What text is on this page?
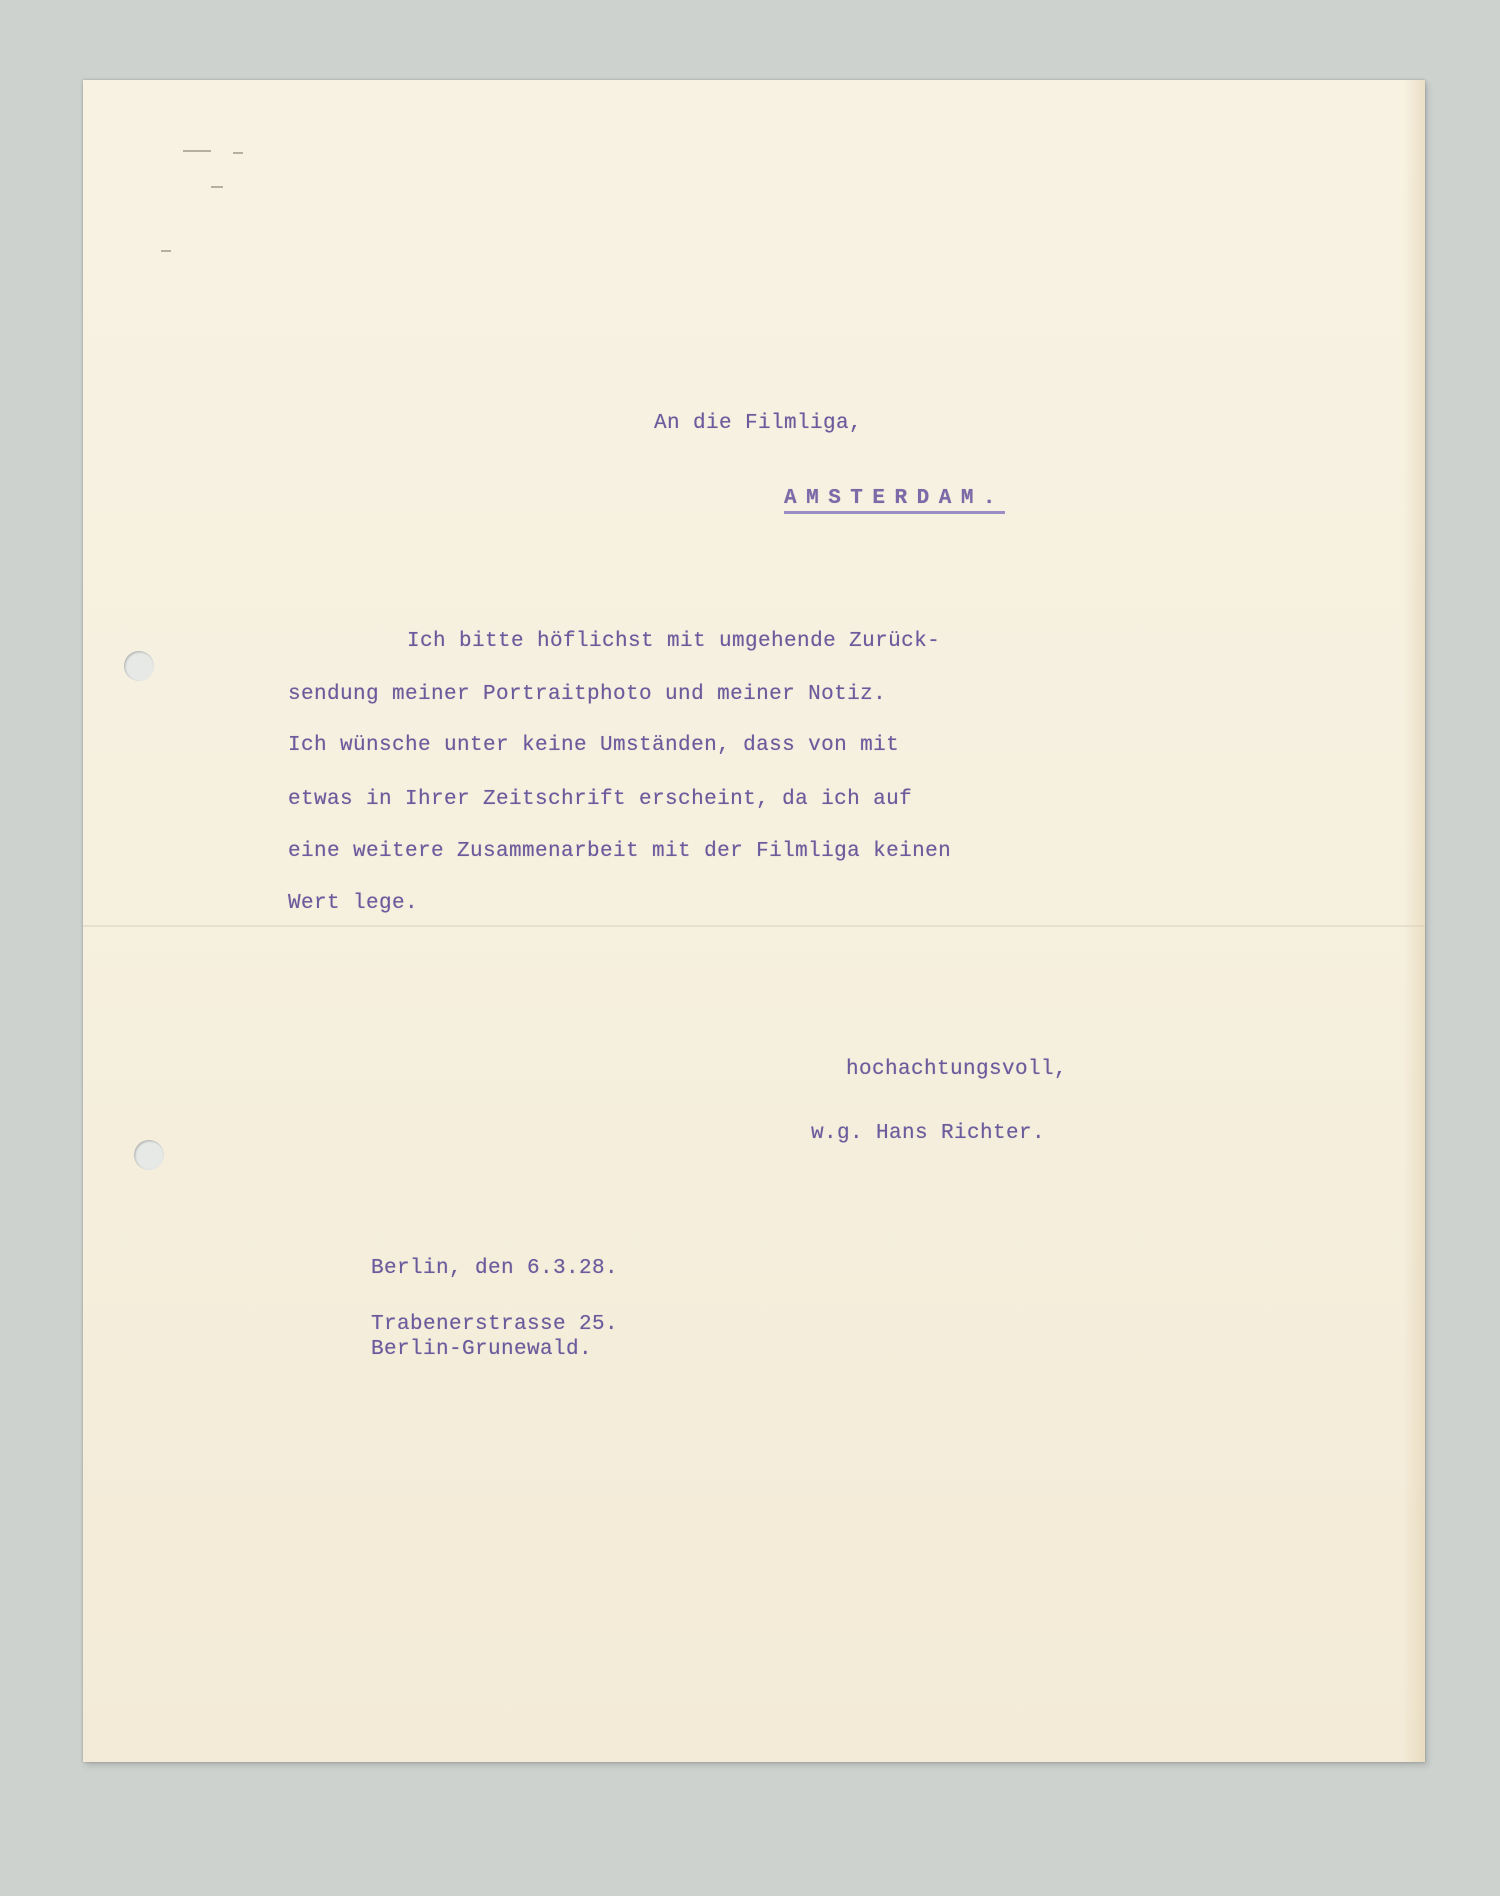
An die Filmliga,
AMSTERDAM.
Ich bitte höflichst mit umgehende Zurück-
sendung meiner Portraitphoto und meiner Notiz.
Ich wünsche unter keine Umständen, dass von mit
etwas in Ihrer Zeitschrift erscheint, da ich auf
eine weitere Zusammenarbeit mit der Filmliga keinen
Wert lege.
hochachtungsvoll,
w.g. Hans Richter.
Berlin, den 6.3.28.
Trabenerstrasse 25.
Berlin-Grunewald.
